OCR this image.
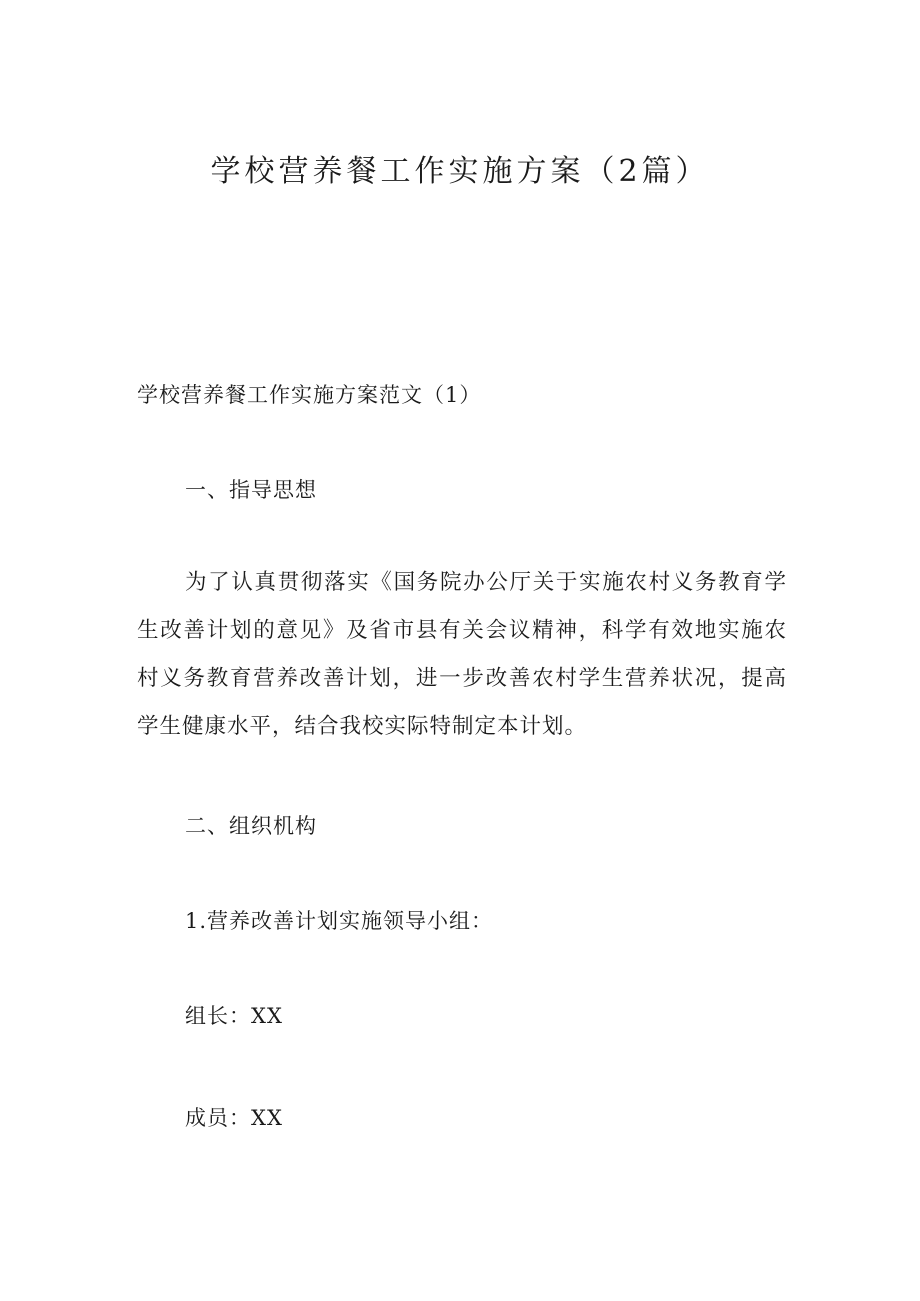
学校营养餐工作实施方案（2篇）
学校营养餐工作实施方案范文（1）
一、指导思想
为了认真贯彻落实《国务院办公厅关于实施农村义务教育学生改善计划的意见》及省市县有关会议精神，科学有效地实施农村义务教育营养改善计划，进一步改善农村学生营养状况，提高学生健康水平，结合我校实际特制定本计划。
二、组织机构
1.营养改善计划实施领导小组：
组长：XX
成员：XX
